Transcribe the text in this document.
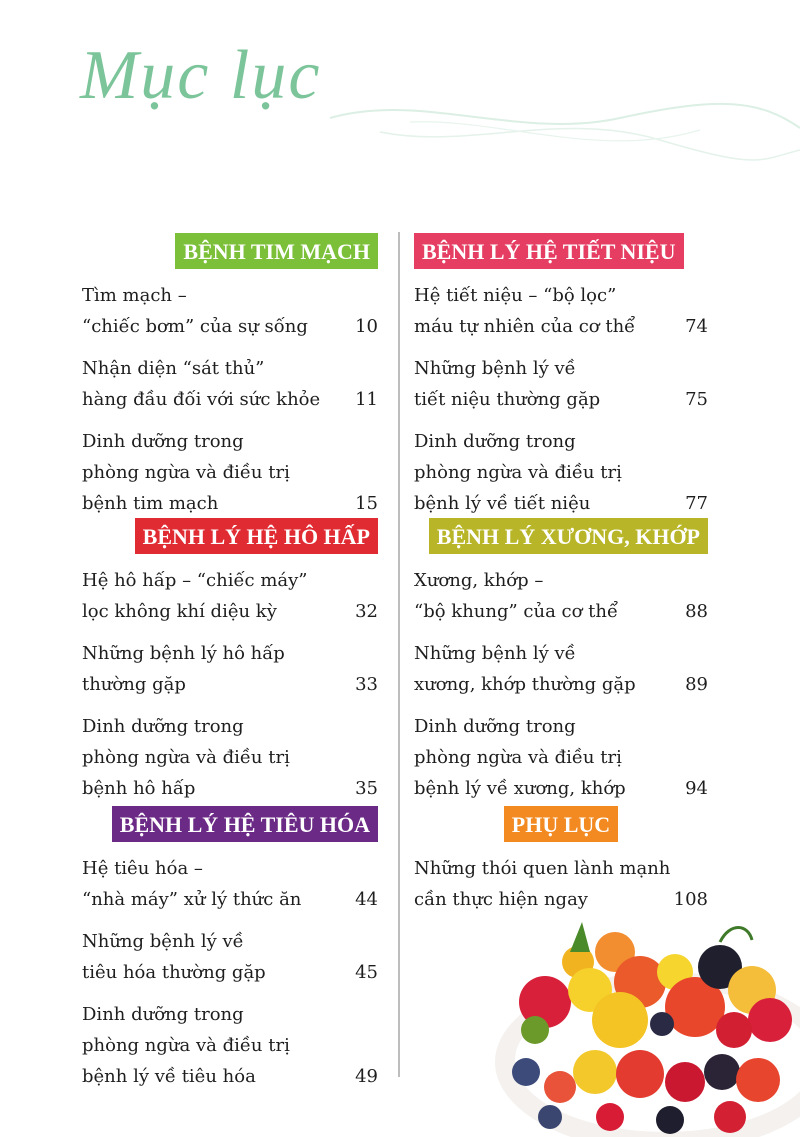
Mục lục
BỆNH TIM MẠCH
Tìm mạch –
“chiếc bơm” của sự sống	10
Nhận diện “sát thủ”
hàng đầu đối với sức khỏe	11
Dinh dưỡng trong
phòng ngừa và điều trị
bệnh tim mạch	15
BỆNH LÝ HỆ HÔ HẤP
Hệ hô hấp – “chiếc máy”
lọc không khí diệu kỳ	32
Những bệnh lý hô hấp
thường gặp	33
Dinh dưỡng trong
phòng ngừa và điều trị
bệnh hô hấp	35
BỆNH LÝ HỆ TIÊU HÓA
Hệ tiêu hóa –
“nhà máy” xử lý thức ăn	44
Những bệnh lý về
tiêu hóa thường gặp	45
Dinh dưỡng trong
phòng ngừa và điều trị
bệnh lý về tiêu hóa	49
BỆNH LÝ HỆ TIẾT NIỆU
Hệ tiết niệu – “bộ lọc”
máu tự nhiên của cơ thể	74
Những bệnh lý về
tiết niệu thường gặp	75
Dinh dưỡng trong
phòng ngừa và điều trị
bệnh lý về tiết niệu	77
BỆNH LÝ XƯƠNG, KHỚP
Xương, khớp –
“bộ khung” của cơ thể	88
Những bệnh lý về
xương, khớp thường gặp	89
Dinh dưỡng trong
phòng ngừa và điều trị
bệnh lý về xương, khớp	94
PHỤ LỤC
Những thói quen lành mạnh
cần thực hiện ngay	108
